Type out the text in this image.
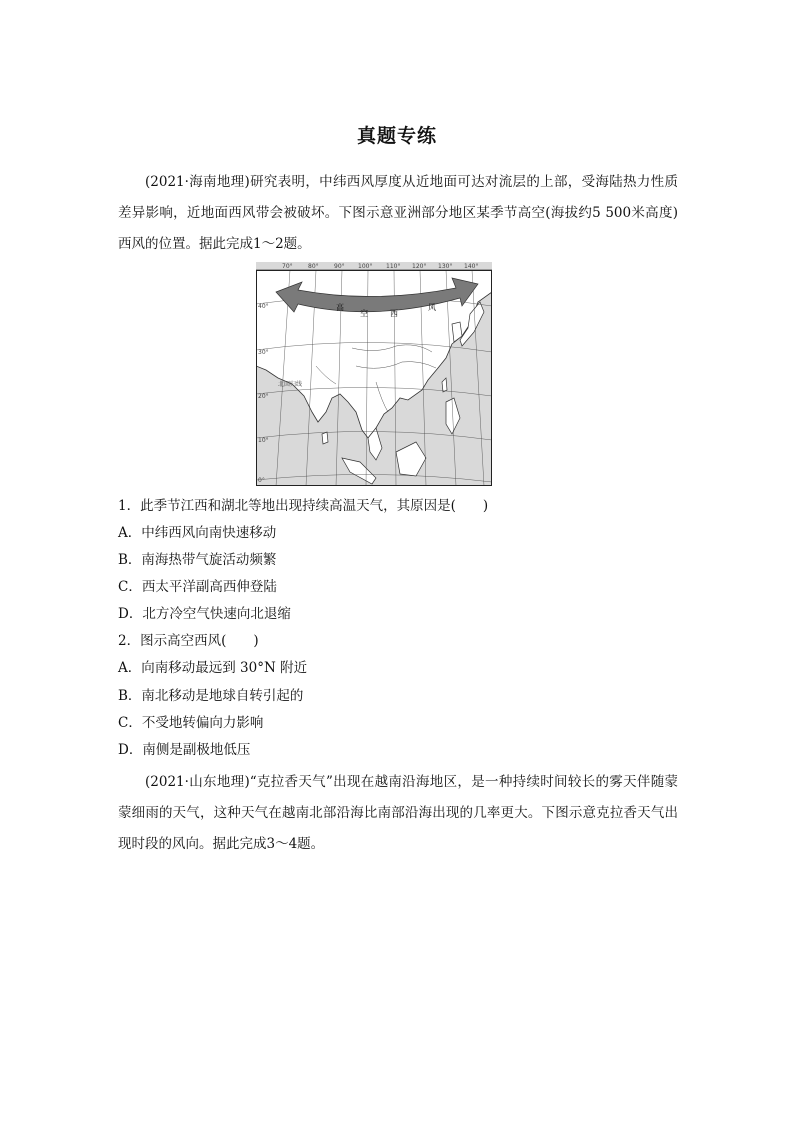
真题专练
(2021·海南地理)研究表明，中纬西风厚度从近地面可达对流层的上部，受海陆热力性质差异影响，近地面西风带会被破坏。下图示意亚洲部分地区某季节高空(海拔约5 500米高度)西风的位置。据此完成1～2题。
70°	80°	90° 100° 110° 120° 130° 140°
40°
30°
20°
10°
0°
北回归线
高
空	西
风
1．此季节江西和湖北等地出现持续高温天气，其原因是(　　)
A．中纬西风向南快速移动
B．南海热带气旋活动频繁
C．西太平洋副高西伸登陆
D．北方冷空气快速向北退缩
2．图示高空西风(　　)
A．向南移动最远到 30°N 附近
B．南北移动是地球自转引起的
C．不受地转偏向力影响
D．南侧是副极地低压
(2021·山东地理)“克拉香天气”出现在越南沿海地区，是一种持续时间较长的雾天伴随蒙蒙细雨的天气，这种天气在越南北部沿海比南部沿海出现的几率更大。下图示意克拉香天气出现时段的风向。据此完成3～4题。
